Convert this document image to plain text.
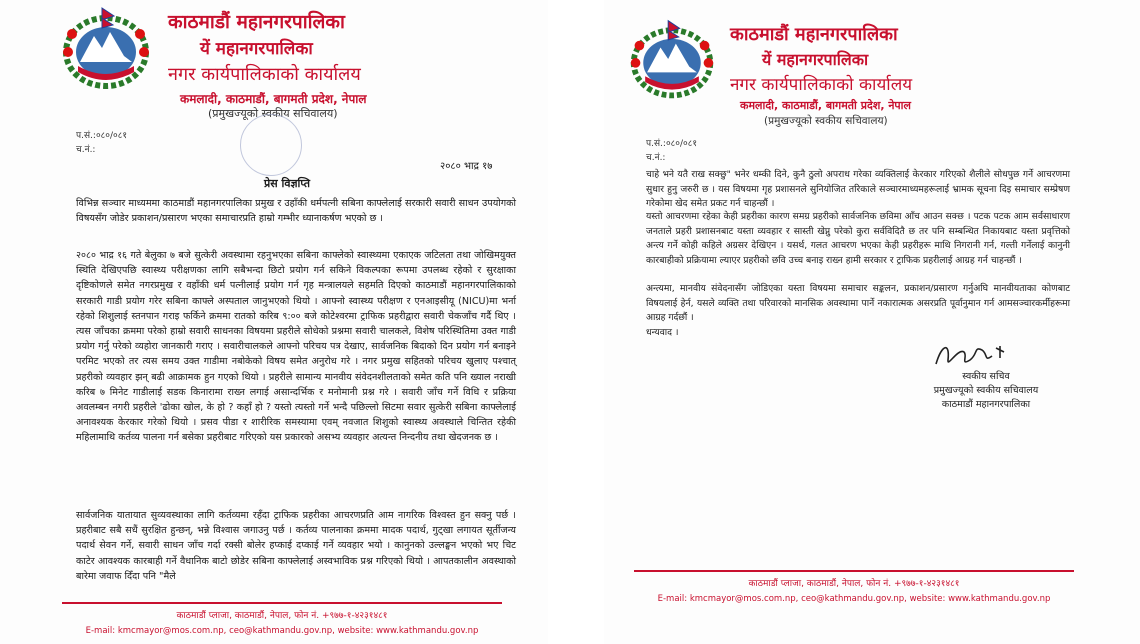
काठमाडौं महानगरपालिका
यें महानगरपालिका
नगर कार्यपालिकाको कार्यालय
कमलादी, काठमाडौं, बागमती प्रदेश, नेपाल
(प्रमुखज्यूको स्वकीय सचिवालय)
प.सं.:०८०/०८१
च.नं.:
२०८० भाद्र १७
प्रेस विज्ञप्ति

विभिन्न सञ्चार माध्यममा काठमाडौं महानगरपालिका प्रमुख र उहाँकी धर्मपत्नी सबिना काफ्लेलाई सरकारी सवारी साधन उपयोगको विषयसँग जोडेर प्रकाशन/प्रसारण भएका समाचारप्रति हाम्रो गम्भीर ध्यानाकर्षण भएको छ ।

२०८० भाद्र १६ गते बेलुका ७ बजे सुत्केरी अवस्थामा रहनुभएका सबिना काफ्लेको स्वास्थ्यमा एकाएक जटिलता तथा जोखिमयुक्त स्थिति देखिएपछि स्वास्थ्य परीक्षणका लागि सबैभन्दा छिटो प्रयोग गर्न सकिने विकल्पका रूपमा उपलब्ध रहेको र सुरक्षाका दृष्टिकोणले समेत नगरप्रमुख र वहाँकी धर्म पत्नीलाई प्रयोग गर्न गृह मन्त्रालयले सहमति दिएको काठमाडौं महानगरपालिकाको सरकारी गाडी प्रयोग गरेर सबिना काफ्ले अस्पताल जानुभएको थियो । आफ्नो स्वास्थ्य परीक्षण र एनआइसीयू (NICU)मा भर्ना रहेको शिशुलाई स्तनपान गराइ फर्किने क्रममा रातको करिब ९:०० बजे कोटेश्वरमा ट्राफिक प्रहरीद्वारा सवारी चेकजाँच गर्दै थिए । त्यस जाँचका क्रममा परेको हाम्रो सवारी साधनका विषयमा प्रहरीले सोधेको प्रश्नमा सवारी चालकले, विशेष परिस्थितिमा उक्त गाडी प्रयोग गर्नु परेको व्यहोरा जानकारी गराए । सवारीचालकले आफ्नो परिचय पत्र देखाए, सार्वजनिक बिदाको दिन प्रयोग गर्न बनाइने परमिट भएको तर त्यस समय उक्त गाडीमा नबोकेको विषय समेत अनुरोध गरे । नगर प्रमुख सहितको परिचय खुलाए पश्चात् प्रहरीको व्यवहार झन् बढी आक्रामक हुन गएको थियो । प्रहरीले सामान्य मानवीय संवेदनशीलताको समेत कति पनि ख्याल नराखी करिब ७ मिनेट गाडीलाई सडक किनारामा राख्न लगाई असान्दर्भिक र मनोमानी प्रश्न गरे । सवारी जाँच गर्ने विधि र प्रक्रिया अवलम्बन नगरी प्रहरीले 'ढोका खोल, के हो ? कहाँ हो ? यस्तो त्यस्तो गर्ने भन्दै पछिल्लो सिटमा सवार सुत्केरी सबिना काफ्लेलाई अनावश्यक केरकार गरेको थियो । प्रसव पीडा र शारीरिक समस्यामा एवम् नवजात शिशुको स्वास्थ्य अवस्थाले चिन्तित रहेकी महिलामाथि कर्तव्य पालना गर्न बसेका प्रहरीबाट गरिएको यस प्रकारको असभ्य व्यवहार अत्यन्त निन्दनीय तथा खेदजनक छ ।

सार्वजनिक यातायात सुव्यवस्थाका लागि कर्तव्यमा रहँदा ट्राफिक प्रहरीका आचरणप्रति आम नागरिक विश्वस्त हुन सक्नु पर्छ । प्रहरीबाट सबै सधैं सुरक्षित हुन्छन्, भन्ने विश्वास जगाउनु पर्छ । कर्तव्य पालनाका क्रममा मादक पदार्थ, गुट्खा लगायत सूर्तीजन्य पदार्थ सेवन गर्ने, सवारी साधन जाँच गर्दा रक्सी बोलेर हप्काई दप्काई गर्ने व्यवहार भयो । कानुनको उल्लङ्घन भएको भए चिट काटेर आवश्यक कारबाही गर्ने वैधानिक बाटो छोडेर सबिना काफ्लेलाई अस्वभाविक प्रश्न गरिएको थियो । आपतकालीन अवस्थाको बारेमा जवाफ दिँदा पनि "मैले

काठमाडौं प्लाजा, काठमाडौं, नेपाल, फोन नं. +९७७-१-४२३१४८१
E-mail: kmcmayor@mos.com.np, ceo@kathmandu.gov.np, website: www.kathmandu.gov.np
काठमाडौं महानगरपालिका
यें महानगरपालिका
नगर कार्यपालिकाको कार्यालय
कमलादी, काठमाडौं, बागमती प्रदेश, नेपाल
(प्रमुखज्यूको स्वकीय सचिवालय)
प.सं.:०८०/०८१
च.नं.:

चाहे भने यतै राख सक्छु" भनेर धम्की दिने, कुनै ठुलो अपराध गरेका व्यक्तिलाई केरकार गरिएको शैलीले सोधपुछ गर्ने आचरणमा सुधार हुनु जरुरी छ । यस विषयमा गृह प्रशासनले सुनियोजित तरिकाले सञ्चारमाध्यमहरूलाई भ्रामक सूचना दिइ समाचार सम्प्रेषण गरेकोमा खेद समेत प्रकट गर्न चाहन्छौं ।

यस्तो आचरणमा रहेका केही प्रहरीका कारण समग्र प्रहरीको सार्वजनिक छविमा आँच आउन सक्छ । पटक पटक आम सर्वसाधारण जनताले प्रहरी प्रशासनबाट यस्ता व्यवहार र सास्ती खेप्नु परेको कुरा सर्वविदितै छ तर पनि सम्बन्धित निकायबाट यस्ता प्रवृत्तिको अन्त्य गर्ने कोही कहिले अग्रसर देखिएन । यसर्थ, गलत आचरण भएका केही प्रहरीहरू माथि निगरानी गर्न, गल्ती गर्नेलाई कानुनी कारबाहीको प्रक्रियामा ल्याएर प्रहरीको छवि उच्च बनाइ राख्न हामी सरकार र ट्राफिक प्रहरीलाई आग्रह गर्न चाहन्छौं ।

अन्त्यमा, मानवीय संवेदनासँग जोडिएका यस्ता विषयमा समाचार सङ्कलन, प्रकाशन/प्रसारण गर्नुअघि मानवीयताका कोणबाट विषयलाई हेर्न, यसले व्यक्ति तथा परिवारको मानसिक अवस्थामा पार्ने नकारात्मक असरप्रति पूर्वानुमान गर्न आमसञ्चारकर्मीहरूमा आग्रह गर्दछौं ।

धन्यवाद ।

स्वकीय सचिव
प्रमुखज्यूको स्वकीय सचिवालय
काठमाडौं महानगरपालिका
काठमाडौं प्लाजा, काठमाडौं, नेपाल, फोन नं. +९७७-१-४२३१४८१
E-mail: kmcmayor@mos.com.np, ceo@kathmandu.gov.np, website: www.kathmandu.gov.np
